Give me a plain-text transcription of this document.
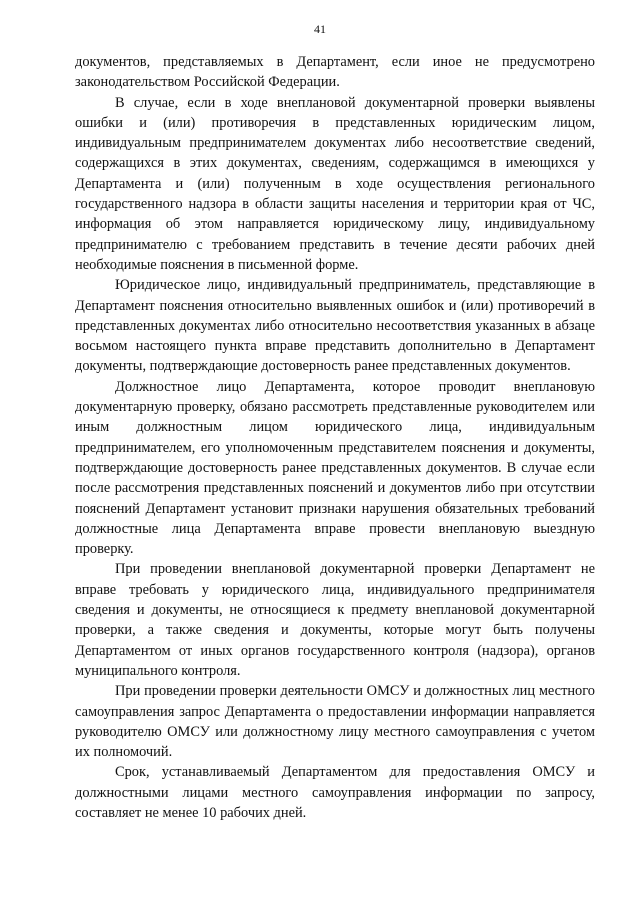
41

документов, представляемых в Департамент, если иное не предусмотрено законодательством Российской Федерации.

В случае, если в ходе внеплановой документарной проверки выявлены ошибки и (или) противоречия в представленных юридическим лицом, индивидуальным предпринимателем документах либо несоответствие сведений, содержащихся в этих документах, сведениям, содержащимся в имеющихся у Департамента и (или) полученным в ходе осуществления регионального государственного надзора в области защиты населения и территории края от ЧС, информация об этом направляется юридическому лицу, индивидуальному предпринимателю с требованием представить в течение десяти рабочих дней необходимые пояснения в письменной форме.

Юридическое лицо, индивидуальный предприниматель, представляющие в Департамент пояснения относительно выявленных ошибок и (или) противоречий в представленных документах либо относительно несоответствия указанных в абзаце восьмом настоящего пункта вправе представить дополнительно в Департамент документы, подтверждающие достоверность ранее представленных документов.

Должностное лицо Департамента, которое проводит внеплановую документарную проверку, обязано рассмотреть представленные руководителем или иным должностным лицом юридического лица, индивидуальным предпринимателем, его уполномоченным представителем пояснения и документы, подтверждающие достоверность ранее представленных документов. В случае если после рассмотрения представленных пояснений и документов либо при отсутствии пояснений Департамент установит признаки нарушения обязательных требований должностные лица Департамента вправе провести внеплановую выездную проверку.

При проведении внеплановой документарной проверки Департамент не вправе требовать у юридического лица, индивидуального предпринимателя сведения и документы, не относящиеся к предмету внеплановой документарной проверки, а также сведения и документы, которые могут быть получены Департаментом от иных органов государственного контроля (надзора), органов муниципального контроля.

При проведении проверки деятельности ОМСУ и должностных лиц местного самоуправления запрос Департамента о предоставлении информации направляется руководителю ОМСУ или должностному лицу местного самоуправления с учетом их полномочий.

Срок, устанавливаемый Департаментом для предоставления ОМСУ и должностными лицами местного самоуправления информации по запросу, составляет не менее 10 рабочих дней.
